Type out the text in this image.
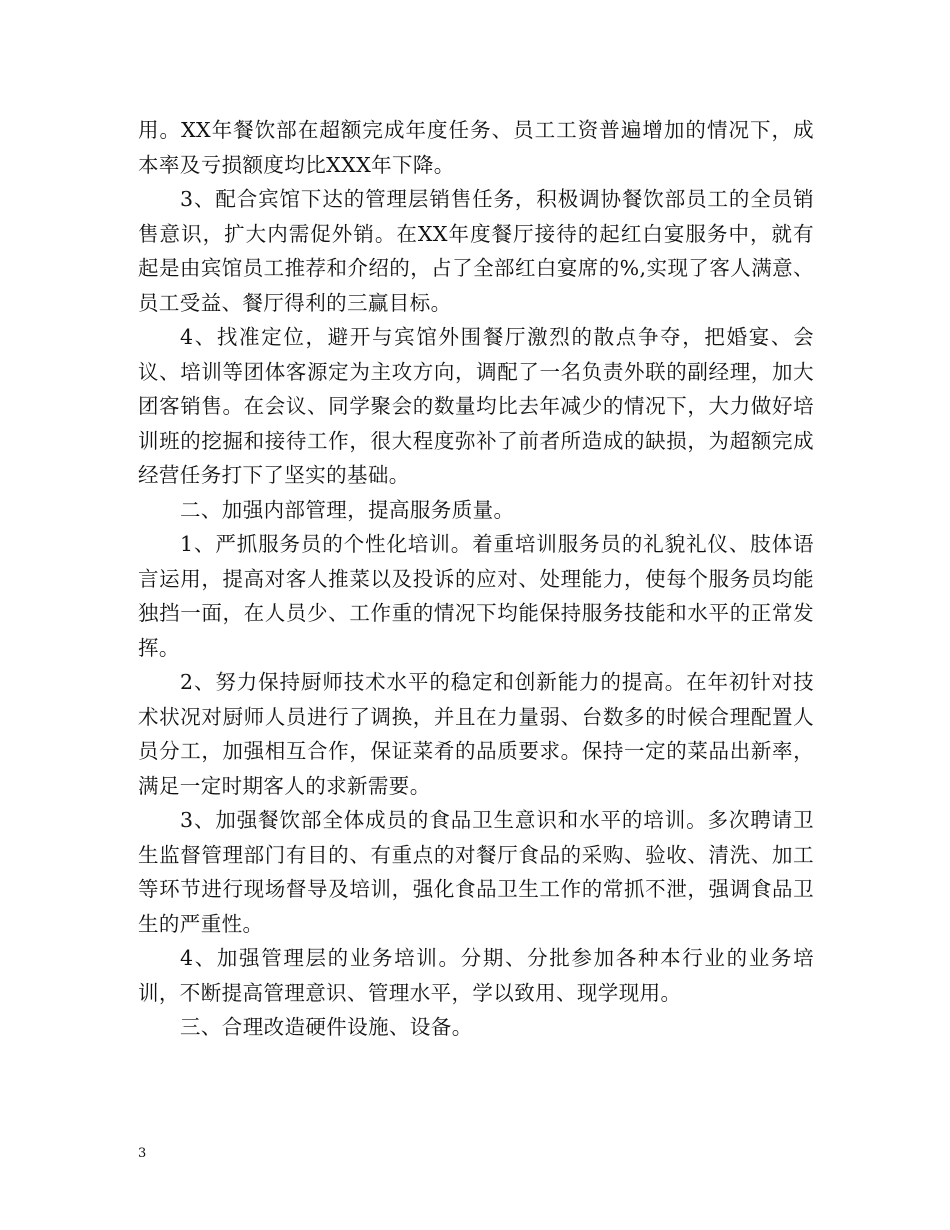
用。XX年餐饮部在超额完成年度任务、员工工资普遍增加的情况下，成本率及亏损额度均比XXX年下降。

3、配合宾馆下达的管理层销售任务，积极调协餐饮部员工的全员销售意识，扩大内需促外销。在XX年度餐厅接待的起红白宴服务中，就有起是由宾馆员工推荐和介绍的，占了全部红白宴席的%,实现了客人满意、员工受益、餐厅得利的三赢目标。

4、找准定位，避开与宾馆外围餐厅激烈的散点争夺，把婚宴、会议、培训等团体客源定为主攻方向，调配了一名负责外联的副经理，加大团客销售。在会议、同学聚会的数量均比去年减少的情况下，大力做好培训班的挖掘和接待工作，很大程度弥补了前者所造成的缺损，为超额完成经营任务打下了坚实的基础。

二、加强内部管理，提高服务质量。

1、严抓服务员的个性化培训。着重培训服务员的礼貌礼仪、肢体语言运用，提高对客人推菜以及投诉的应对、处理能力，使每个服务员均能独挡一面，在人员少、工作重的情况下均能保持服务技能和水平的正常发挥。

2、努力保持厨师技术水平的稳定和创新能力的提高。在年初针对技术状况对厨师人员进行了调换，并且在力量弱、台数多的时候合理配置人员分工，加强相互合作，保证菜肴的品质要求。保持一定的菜品出新率，满足一定时期客人的求新需要。

3、加强餐饮部全体成员的食品卫生意识和水平的培训。多次聘请卫生监督管理部门有目的、有重点的对餐厅食品的采购、验收、清洗、加工等环节进行现场督导及培训，强化食品卫生工作的常抓不泄，强调食品卫生的严重性。

4、加强管理层的业务培训。分期、分批参加各种本行业的业务培训，不断提高管理意识、管理水平，学以致用、现学现用。

三、合理改造硬件设施、设备。

3
